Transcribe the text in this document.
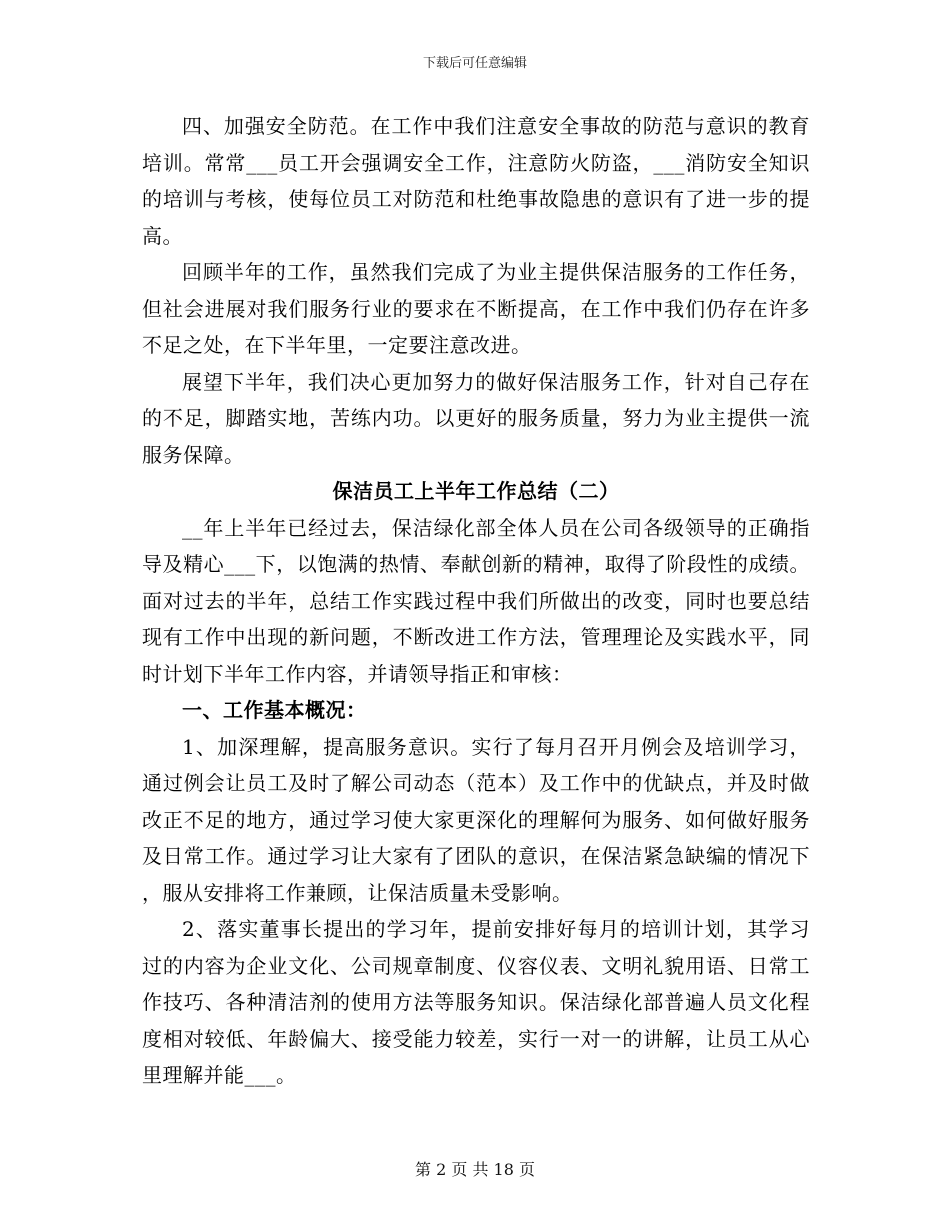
下载后可任意编辑

四、加强安全防范。在工作中我们注意安全事故的防范与意识的教育培训。常常___员工开会强调安全工作，注意防火防盗，___消防安全知识的培训与考核，使每位员工对防范和杜绝事故隐患的意识有了进一步的提高。

回顾半年的工作，虽然我们完成了为业主提供保洁服务的工作任务，但社会进展对我们服务行业的要求在不断提高，在工作中我们仍存在许多不足之处，在下半年里，一定要注意改进。

展望下半年，我们决心更加努力的做好保洁服务工作，针对自己存在的不足，脚踏实地，苦练内功。以更好的服务质量，努力为业主提供一流服务保障。

保洁员工上半年工作总结（二）

__年上半年已经过去，保洁绿化部全体人员在公司各级领导的正确指导及精心___下，以饱满的热情、奉献创新的精神，取得了阶段性的成绩。面对过去的半年，总结工作实践过程中我们所做出的改变，同时也要总结现有工作中出现的新问题，不断改进工作方法，管理理论及实践水平，同时计划下半年工作内容，并请领导指正和审核：

一、工作基本概况：

1、加深理解，提高服务意识。实行了每月召开月例会及培训学习，通过例会让员工及时了解公司动态（范本）及工作中的优缺点，并及时做改正不足的地方，通过学习使大家更深化的理解何为服务、如何做好服务及日常工作。通过学习让大家有了团队的意识，在保洁紧急缺编的情况下，服从安排将工作兼顾，让保洁质量未受影响。

2、落实董事长提出的学习年，提前安排好每月的培训计划，其学习过的内容为企业文化、公司规章制度、仪容仪表、文明礼貌用语、日常工作技巧、各种清洁剂的使用方法等服务知识。保洁绿化部普遍人员文化程度相对较低、年龄偏大、接受能力较差，实行一对一的讲解，让员工从心里理解并能___。

第 2 页 共 18 页
